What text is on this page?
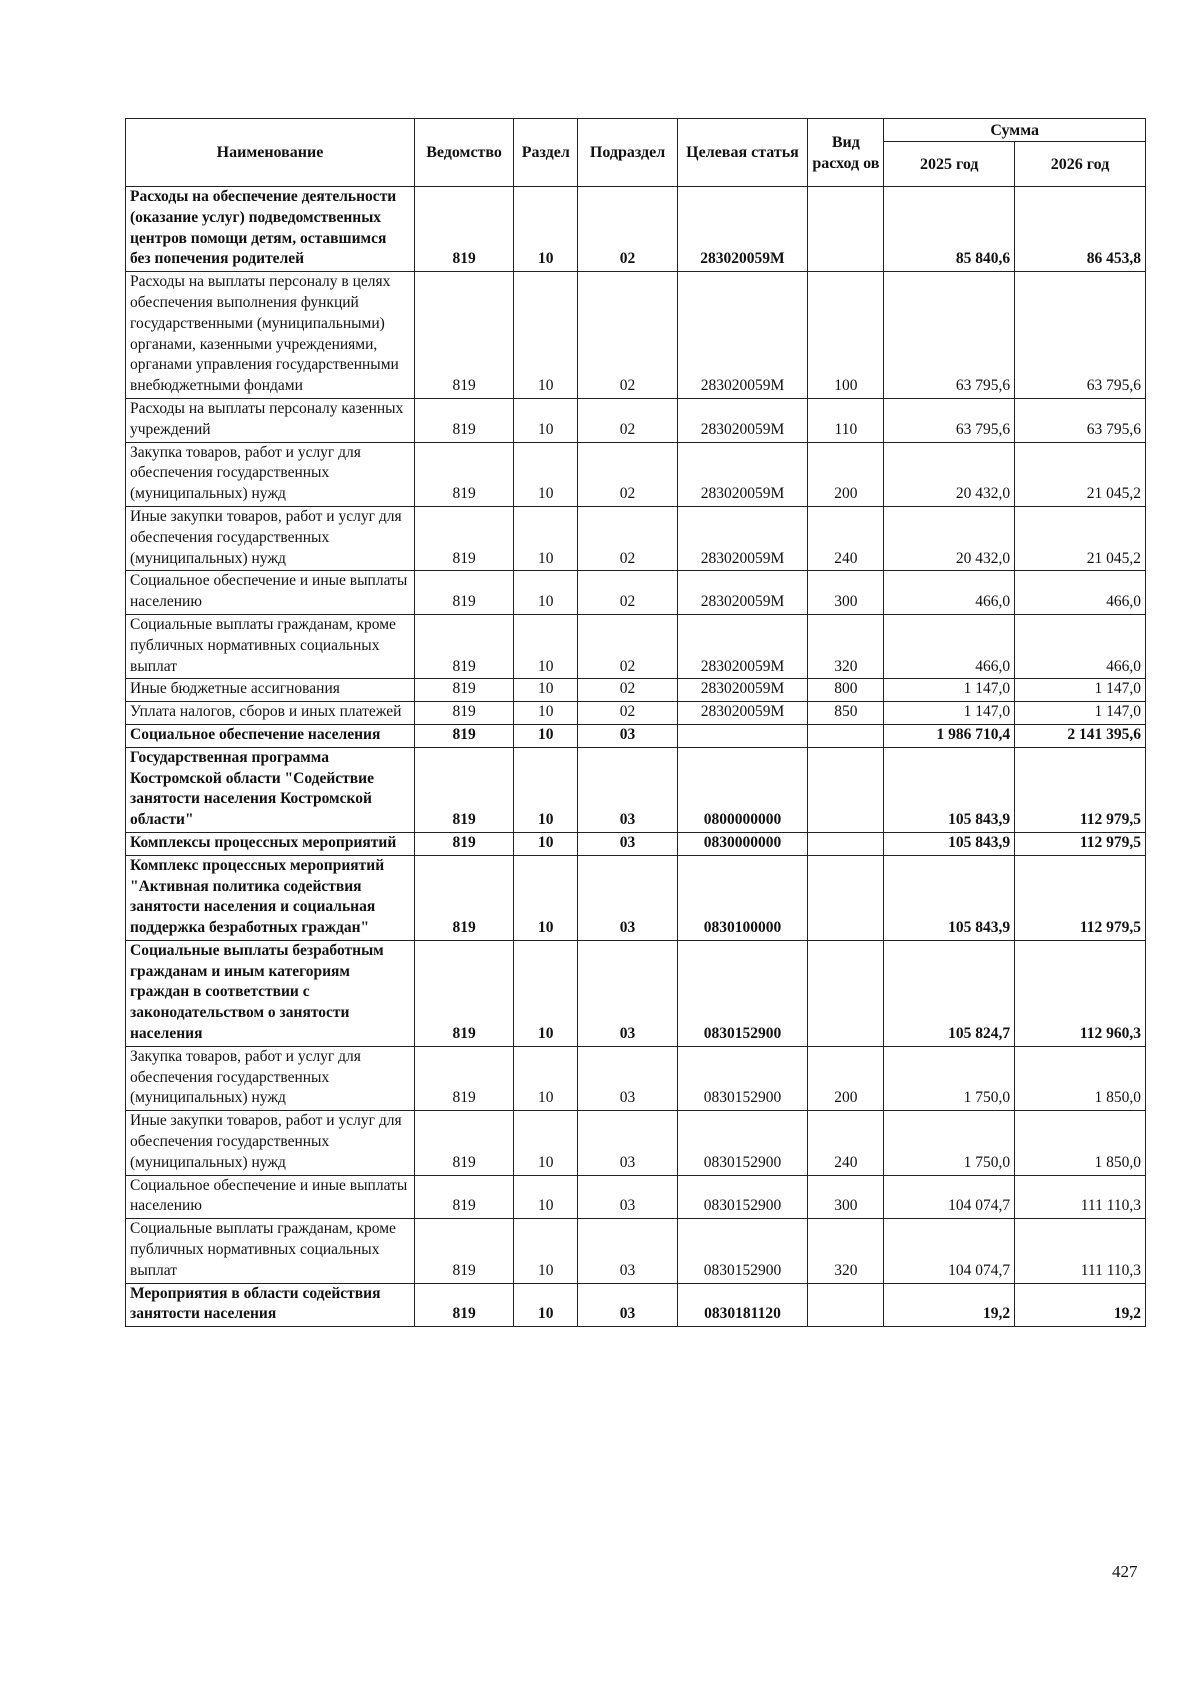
Наименование	Ведомство	Раздел	Подраздел	Целевая статья	Вид расход ов	Сумма	
						2025 год	2026 год
Расходы на обеспечение деятельности (оказание услуг) подведомственных центров помощи детям, оставшимся без попечения родителей	819	10	02	283020059М		85 840,6	86 453,8
Расходы на выплаты персоналу в целях обеспечения выполнения функций государственными (муниципальными) органами, казенными учреждениями, органами управления государственными внебюджетными фондами	819	10	02	283020059М	100	63 795,6	63 795,6
Расходы на выплаты персоналу казенных учреждений	819	10	02	283020059М	110	63 795,6	63 795,6
Закупка товаров, работ и услуг для обеспечения государственных (муниципальных) нужд	819	10	02	283020059М	200	20 432,0	21 045,2
Иные закупки товаров, работ и услуг для обеспечения государственных (муниципальных) нужд	819	10	02	283020059М	240	20 432,0	21 045,2
Социальное обеспечение и иные выплаты населению	819	10	02	283020059М	300	466,0	466,0
Социальные выплаты гражданам, кроме публичных нормативных социальных выплат	819	10	02	283020059М	320	466,0	466,0
Иные бюджетные ассигнования	819	10	02	283020059М	800	1 147,0	1 147,0
Уплата налогов, сборов и иных платежей	819	10	02	283020059М	850	1 147,0	1 147,0
Социальное обеспечение населения	819	10	03			1 986 710,4	2 141 395,6
Государственная программа Костромской области "Содействие занятости населения Костромской области"	819	10	03	0800000000		105 843,9	112 979,5
Комплексы процессных мероприятий	819	10	03	0830000000		105 843,9	112 979,5
Комплекс процессных мероприятий "Активная политика содействия занятости населения и социальная поддержка безработных граждан"	819	10	03	0830100000		105 843,9	112 979,5
Социальные выплаты безработным гражданам и иным категориям граждан в соответствии с законодательством о занятости населения	819	10	03	0830152900		105 824,7	112 960,3
Закупка товаров, работ и услуг для обеспечения государственных (муниципальных) нужд	819	10	03	0830152900	200	1 750,0	1 850,0
Иные закупки товаров, работ и услуг для обеспечения государственных (муниципальных) нужд	819	10	03	0830152900	240	1 750,0	1 850,0
Социальное обеспечение и иные выплаты населению	819	10	03	0830152900	300	104 074,7	111 110,3
Социальные выплаты гражданам, кроме публичных нормативных социальных выплат	819	10	03	0830152900	320	104 074,7	111 110,3
Мероприятия в области содействия занятости населения	819	10	03	0830181120		19,2	19,2
427
